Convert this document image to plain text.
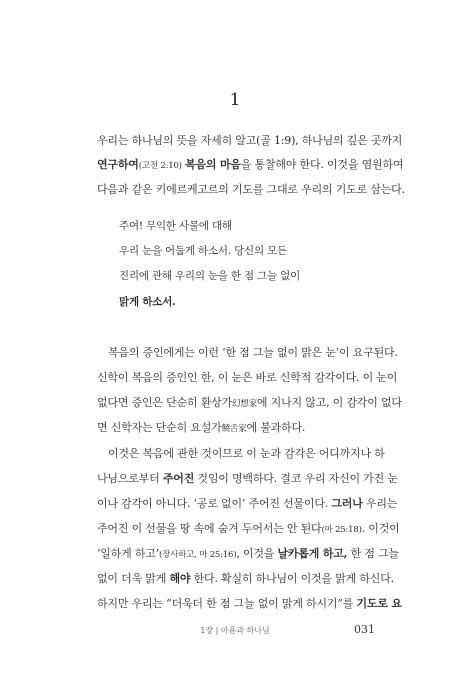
1
우리는 하나님의 뜻을 자세히 알고(골 1:9), 하나님의 깊은 곳까지
연구하여(고전 2:10) 복음의 마음을 통찰해야 한다. 이것을 염원하여
다음과 같은 키에르케고르의 기도를 그대로 우리의 기도로 삼는다.
주여! 무익한 사물에 대해
우리 눈을 어둡게 하소서. 당신의 모든
진리에 관해 우리의 눈을 한 점 그늘 없이
맑게 하소서.
복음의 증인에게는 이런 ‘한 점 그늘 없이 맑은 눈’이 요구된다.
신학이 복음의 증인인 한, 이 눈은 바로 신학적 감각이다. 이 눈이
없다면 증인은 단순히 환상가幻想家에 지나지 않고, 이 감각이 없다
면 신학자는 단순히 요설가饒舌家에 불과하다.
이것은 복음에 관한 것이므로 이 눈과 감각은 어디까지나 하
나님으로부터 주어진 것임이 명백하다. 결코 우리 자신이 가진 눈
이나 감각이 아니다. ‘공로 없이’ 주어진 선물이다. 그러나 우리는
주어진 이 선물을 땅 속에 숨겨 두어서는 안 된다(마 25:18). 이것이
‘일하게 하고’(장사하고, 마 25:16), 이것을 날카롭게 하고, 한 점 그늘
없이 더욱 맑게 해야 한다. 확실히 하나님이 이것을 맑게 하신다.
하지만 우리는 “더욱더 한 점 그늘 없이 맑게 하시기”를 기도로 요
1장 | 아픔과 하나님	031
